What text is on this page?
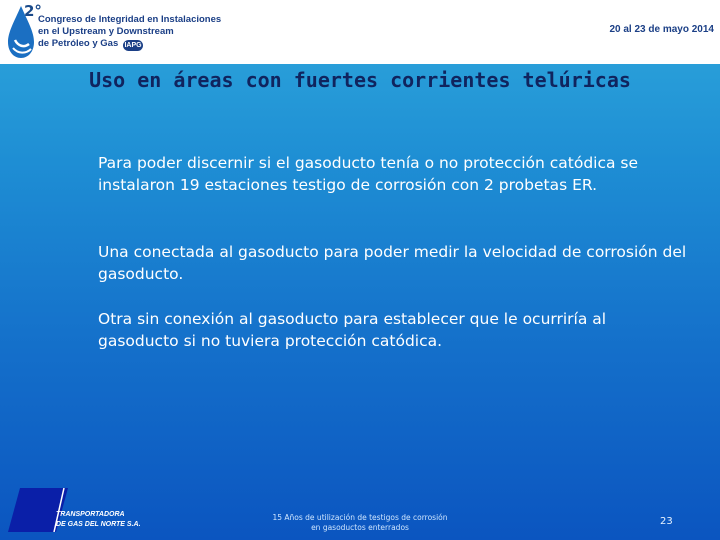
2°
Congreso de Integridad en Instalaciones
en el Upstream y Downstream
de Petróleo y Gas IAPG
20 al 23 de mayo 2014
Uso en áreas con fuertes corrientes telúricas
Para poder discernir si el gasoducto tenía o no protección catódica se instalaron 19 estaciones testigo de corrosión con 2 probetas ER.
Una conectada al gasoducto para poder medir la velocidad de corrosión del gasoducto.
Otra sin conexión al gasoducto para establecer que le ocurriría al gasoducto si no tuviera protección catódica.
TRANSPORTADORA
DE GAS DEL NORTE S.A.
15 Años de utilización de testigos de corrosión
en gasoductos enterrados
23
